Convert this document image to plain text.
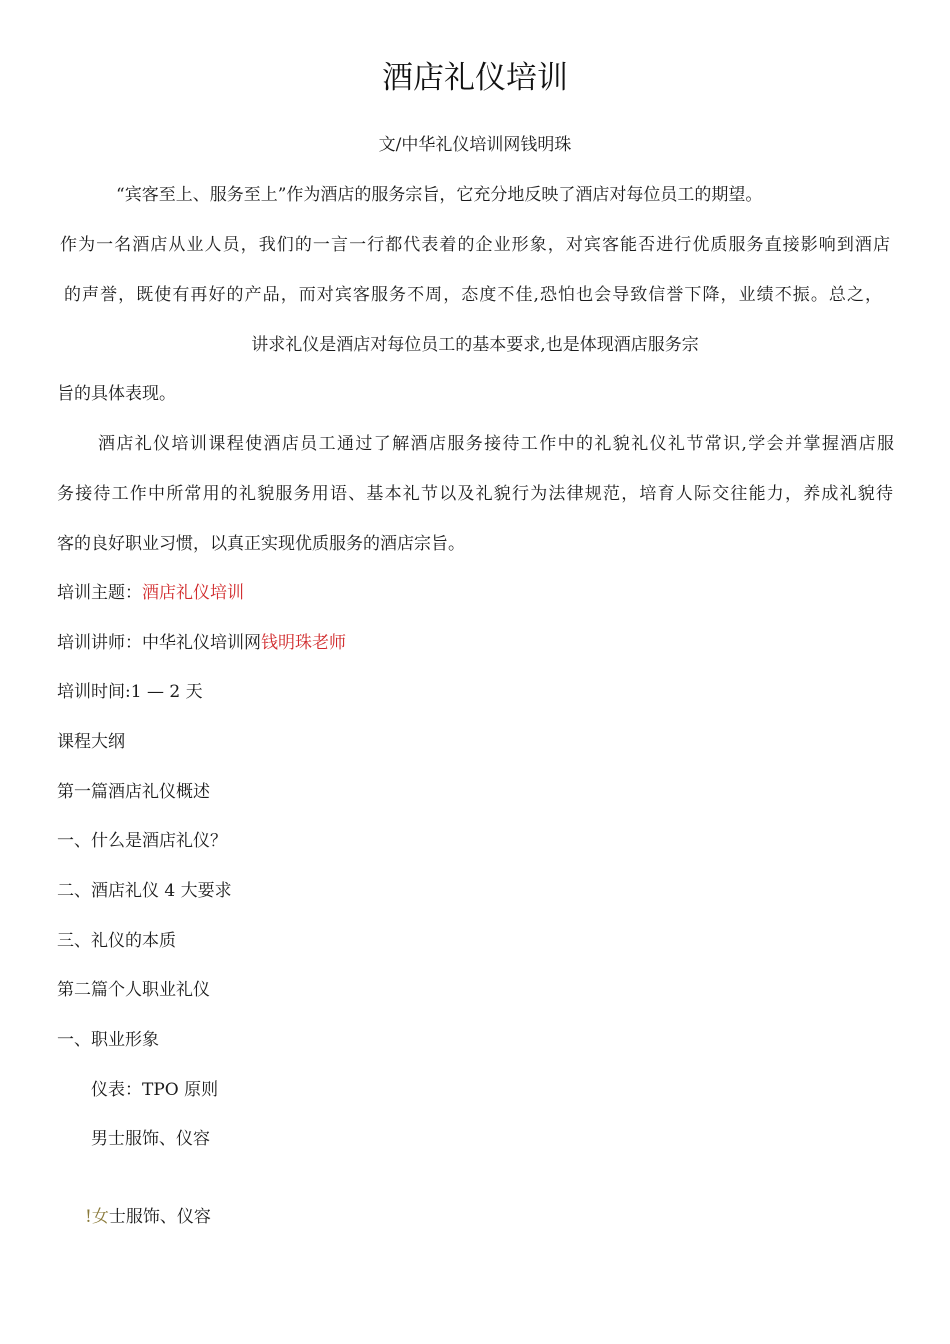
酒店礼仪培训
文/中华礼仪培训网钱明珠
“宾客至上、服务至上”作为酒店的服务宗旨，它充分地反映了酒店对每位员工的期望。
作为一名酒店从业人员，我们的一言一行都代表着的企业形象，对宾客能否进行优质服务直接影响到酒店
的声誉，既使有再好的产品，而对宾客服务不周，态度不佳,恐怕也会导致信誉下降，业绩不振。总之，
讲求礼仪是酒店对每位员工的基本要求,也是体现酒店服务宗
旨的具体表现。
酒店礼仪培训课程使酒店员工通过了解酒店服务接待工作中的礼貌礼仪礼节常识,学会并掌握酒店服
务接待工作中所常用的礼貌服务用语、基本礼节以及礼貌行为法律规范，培育人际交往能力，养成礼貌待
客的良好职业习惯，以真正实现优质服务的酒店宗旨。
培训主题：酒店礼仪培训
培训讲师：中华礼仪培训网钱明珠老师
培训时间:1 — 2 天
课程大纲
第一篇酒店礼仪概述
一、什么是酒店礼仪？
二、酒店礼仪 4 大要求
三、礼仪的本质
第二篇个人职业礼仪
一、职业形象
仪表：TPO 原则
男士服饰、仪容
!女士服饰、仪容
